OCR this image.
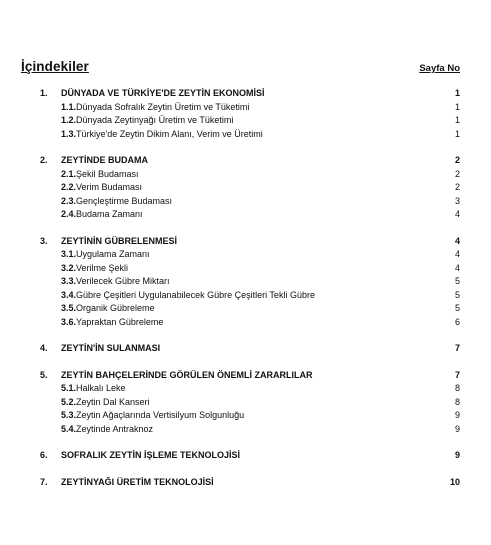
İçindekiler	Sayfa No
1.	DÜNYADA VE TÜRKİYE'DE ZEYTİN EKONOMİSİ	1
1.1. Dünyada Sofralık Zeytin Üretim ve Tüketimi	1
1.2. Dünyada Zeytinyağı Üretim ve Tüketimi	1
1.3. Türkiye'de Zeytin Dikim Alanı, Verim ve Üretimi	1
2.	ZEYTİNDE BUDAMA	2
2.1. Şekil Budaması	2
2.2. Verim Budaması	2
2.3. Gençleştirme Budaması	3
2.4. Budama Zamanı	4
3.	ZEYTİNİN GÜBRELENMESİ	4
3.1. Uygulama Zamanı	4
3.2. Verilme Şekli	4
3.3. Verilecek Gübre Miktarı	5
3.4. Gübre Çeşitleri Uygulanabilecek Gübre Çeşitleri Tekli Gübre	5
3.5. Organik Gübreleme	5
3.6. Yapraktan Gübreleme	6
4.	ZEYTİN'İN SULANMASI	7
5.	ZEYTİN BAHÇELERİNDE GÖRÜLEN ÖNEMLİ ZARARLILAR	7
5.1. Halkalı Leke	8
5.2. Zeytin Dal Kanseri	8
5.3. Zeytin Ağaçlarında Vertisilyum Solgunluğu	9
5.4. Zeytinde Antraknoz	9
6.	SOFRALIK ZEYTİN İŞLEME TEKNOLOJİSİ	9
7.	ZEYTİNYAĞI ÜRETİM TEKNOLOJİSİ	10
